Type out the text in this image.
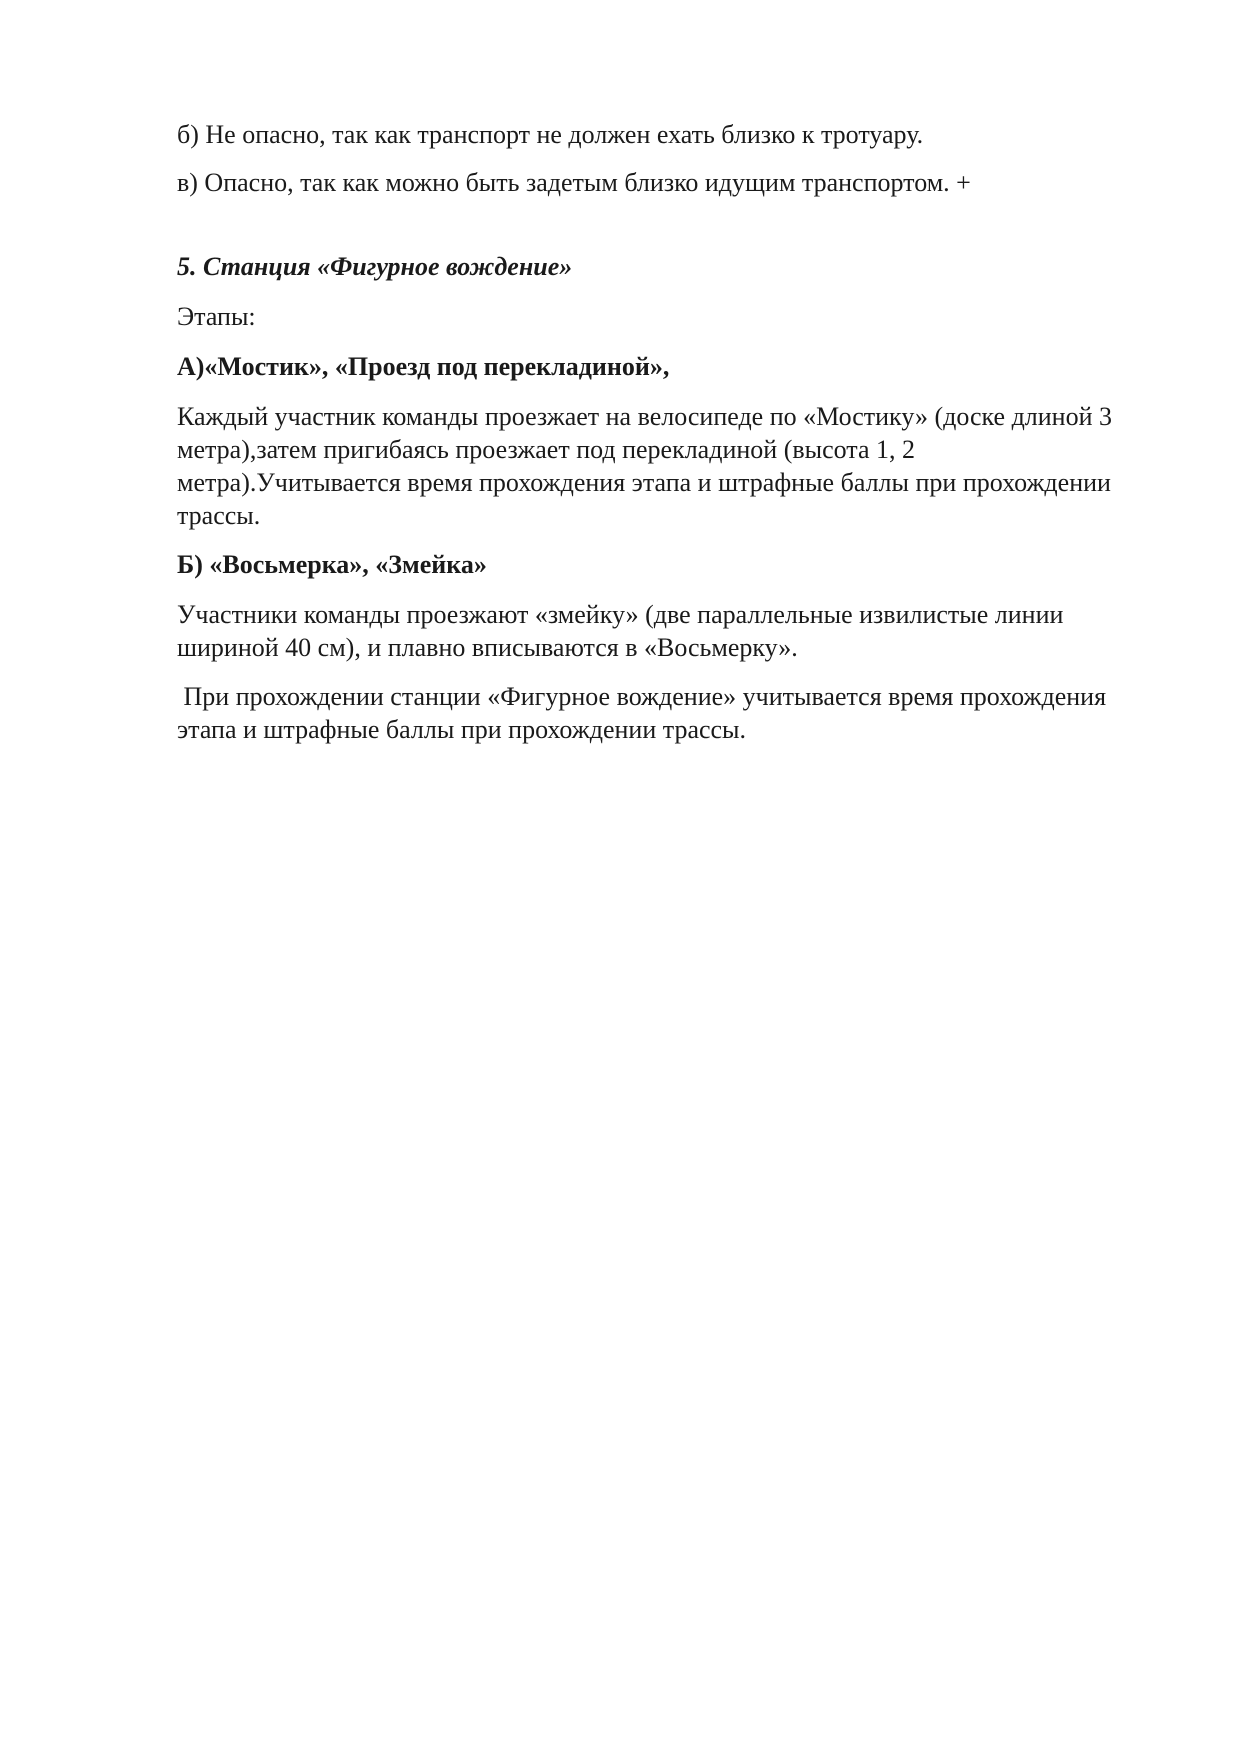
б) Не опасно, так как транспорт не должен ехать близко к тротуару.

в) Опасно, так как можно быть задетым близко идущим транспортом. +

5. Станция «Фигурное вождение»

Этапы:

А)«Мостик», «Проезд под перекладиной»,

Каждый участник команды проезжает на велосипеде по «Мостику» (доске длиной 3 метра),затем пригибаясь проезжает под перекладиной (высота 1, 2 метра).Учитывается время прохождения этапа и штрафные баллы при прохождении трассы.

Б) «Восьмерка», «Змейка»

Участники команды проезжают «змейку» (две параллельные извилистые линии шириной 40 см), и плавно вписываются в «Восьмерку».

При прохождении станции «Фигурное вождение» учитывается время прохождения этапа и штрафные баллы при прохождении трассы.
